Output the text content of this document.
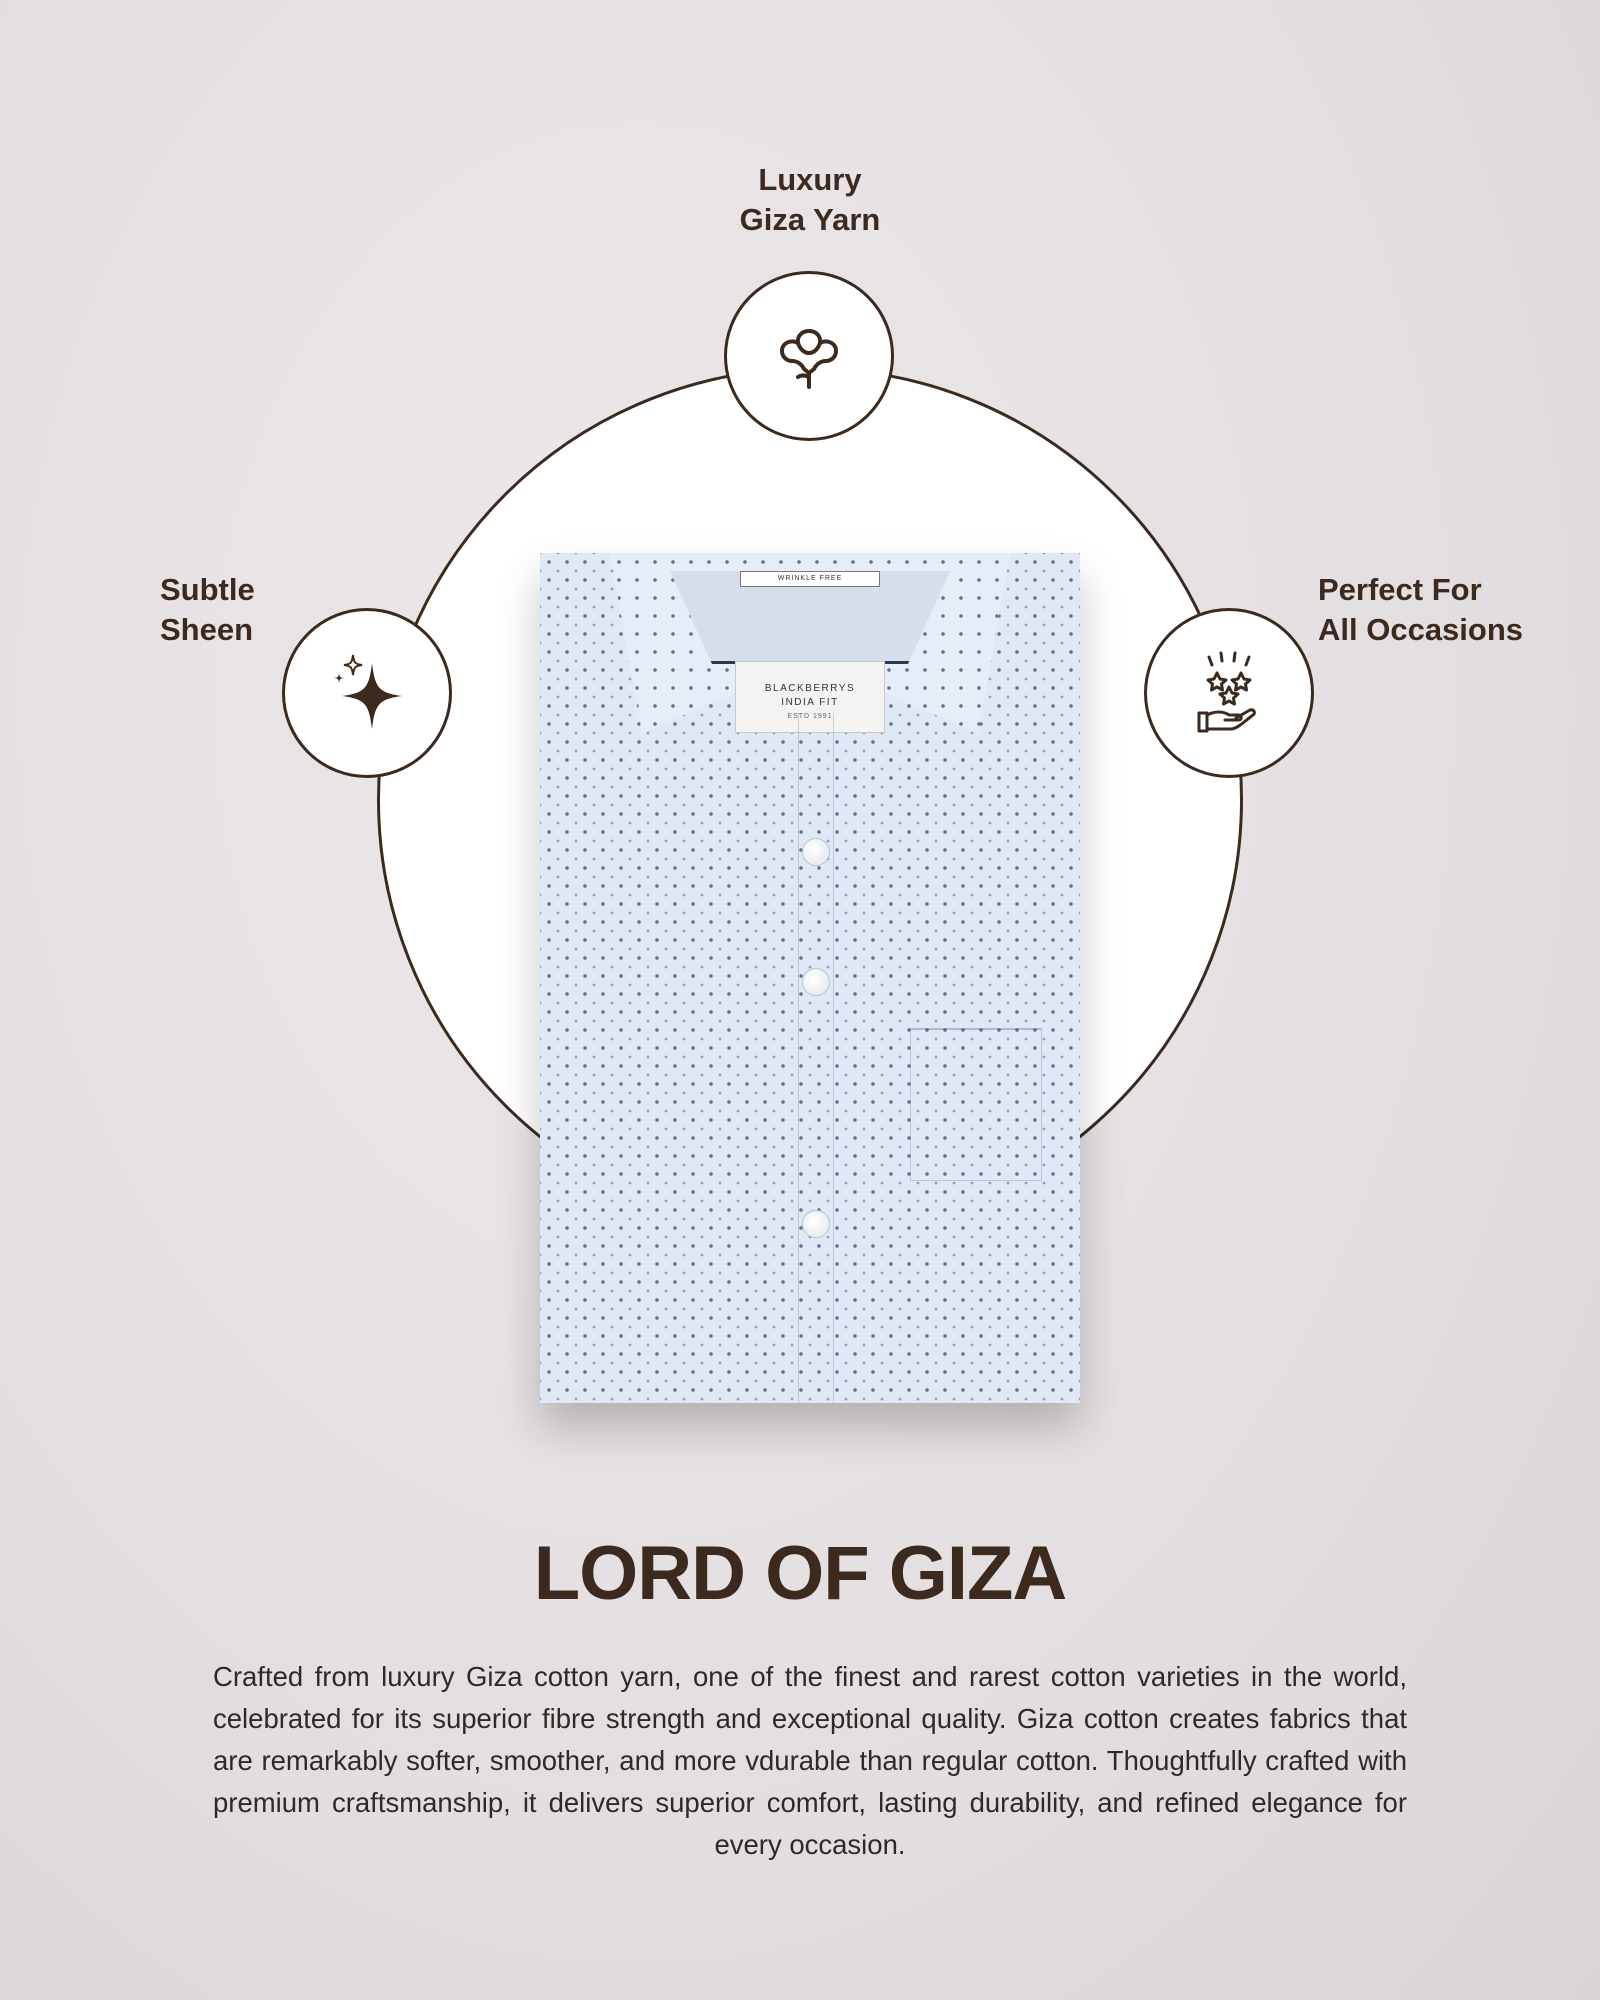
Luxury
Giza Yarn

Subtle
Sheen

Perfect For
All Occasions

WRINKLE FREE
BLACKBERRYS
INDIA FIT
ESTD 1991
LORD OF GIZA

Crafted from luxury Giza cotton yarn, one of the finest and rarest cotton varieties in the world, celebrated for its superior fibre strength and exceptional quality. Giza cotton creates fabrics that are remarkably softer, smoother, and more vdurable than regular cotton. Thoughtfully crafted with premium craftsmanship, it delivers superior comfort, lasting durability, and refined elegance for every occasion.
